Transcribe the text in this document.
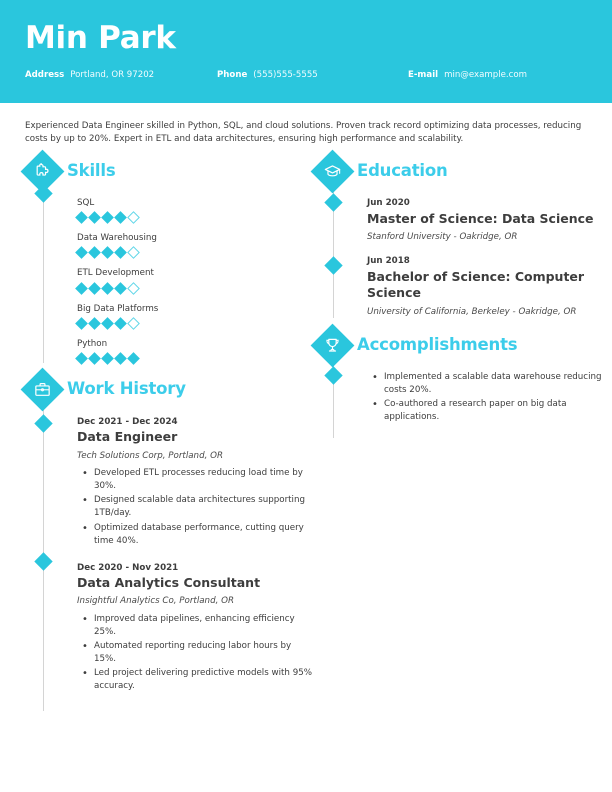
Min Park
Address Portland, OR 97202	Phone (555)555-5555	E-mail min@example.com
Experienced Data Engineer skilled in Python, SQL, and cloud solutions. Proven track record optimizing data processes, reducing costs by up to 20%. Expert in ETL and data architectures, ensuring high performance and scalability.
Skills
SQL
Data Warehousing
ETL Development
Big Data Platforms
Python
Work History
Dec 2021 - Dec 2024
Data Engineer
Tech Solutions Corp, Portland, OR
• Developed ETL processes reducing load time by 30%.
• Designed scalable data architectures supporting 1TB/day.
• Optimized database performance, cutting query time 40%.
Dec 2020 - Nov 2021
Data Analytics Consultant
Insightful Analytics Co, Portland, OR
• Improved data pipelines, enhancing efficiency 25%.
• Automated reporting reducing labor hours by 15%.
• Led project delivering predictive models with 95% accuracy.
Education
Jun 2020
Master of Science: Data Science
Stanford University - Oakridge, OR
Jun 2018
Bachelor of Science: Computer Science
University of California, Berkeley - Oakridge, OR
Accomplishments
• Implemented a scalable data warehouse reducing costs 20%.
• Co-authored a research paper on big data applications.
